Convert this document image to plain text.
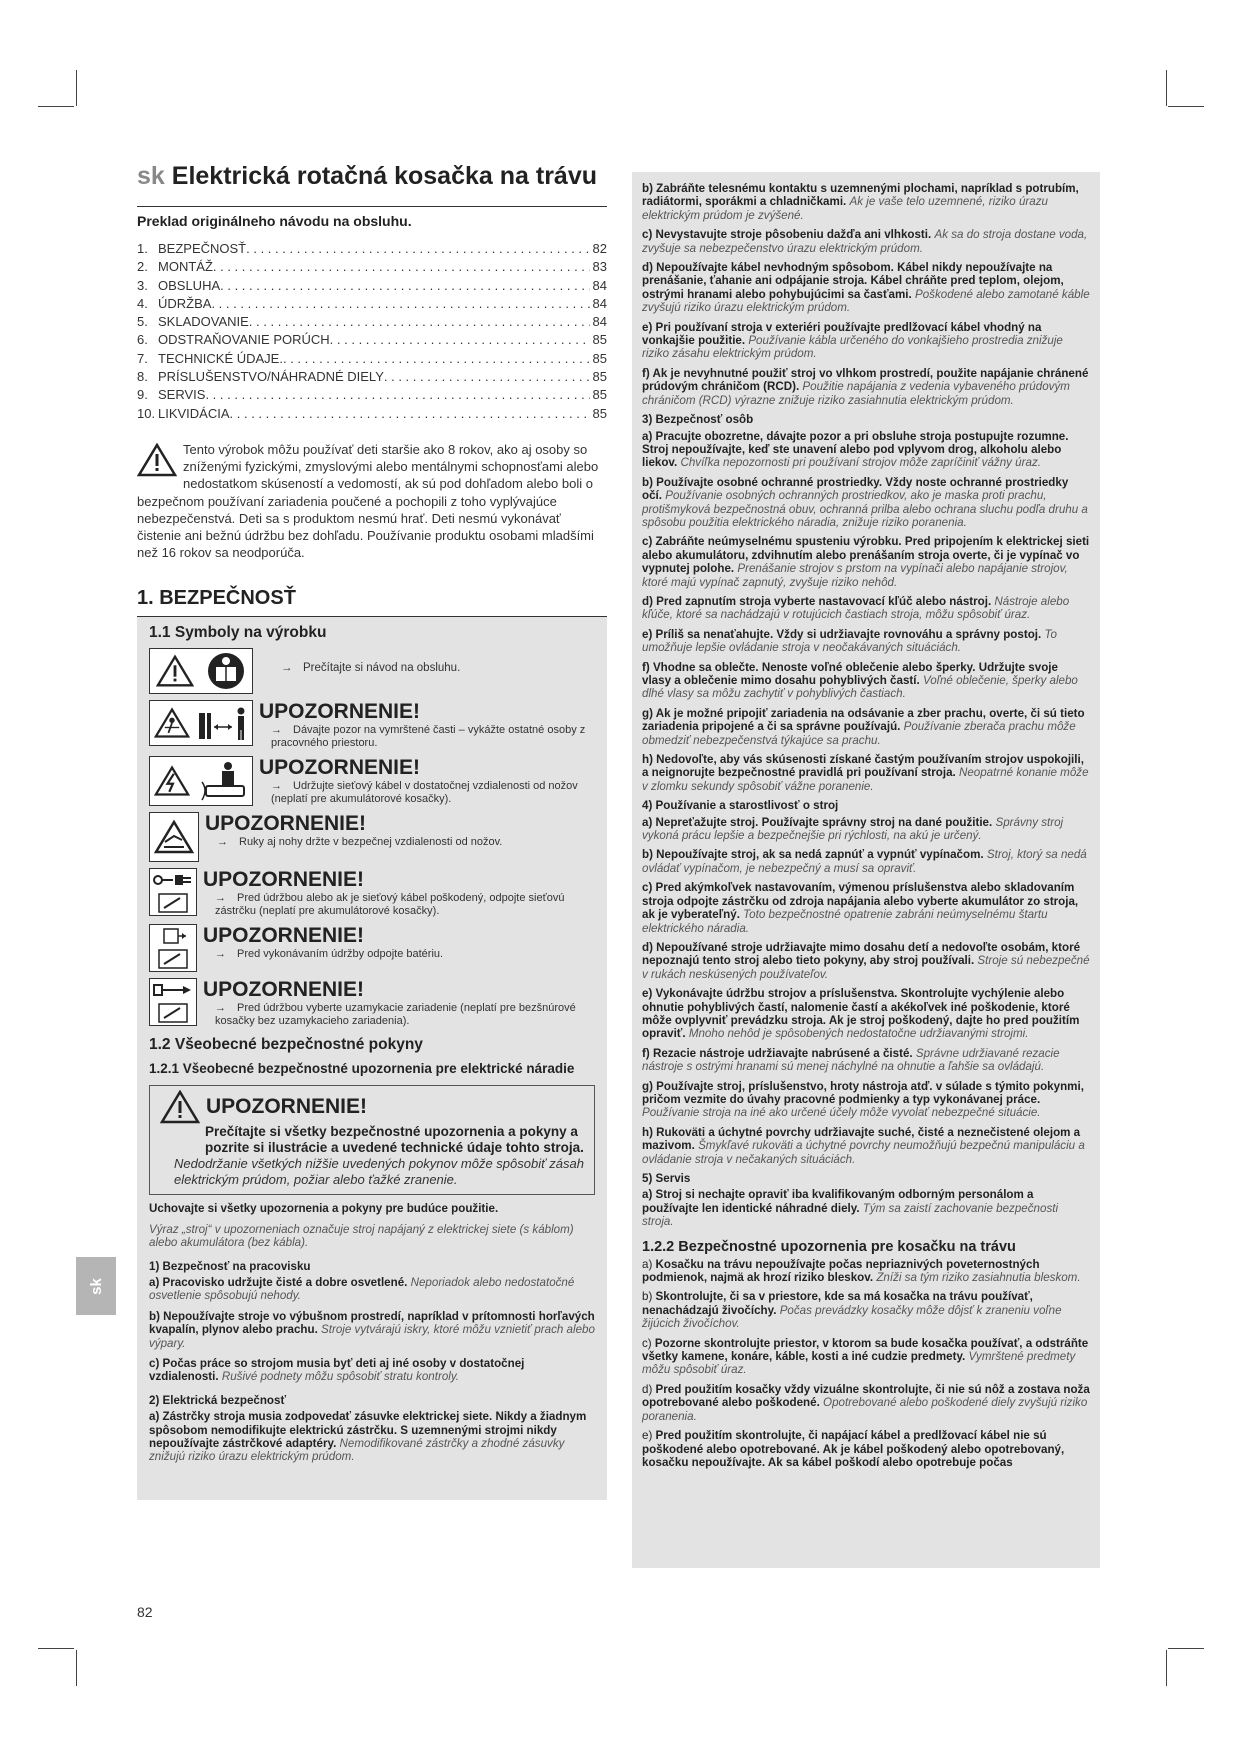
sk Elektrická rotačná kosačka na trávu
Preklad originálneho návodu na obsluhu.
1. BEZPEČNOSŤ . . .	82
2. MONTÁŽ . . .	83
3. OBSLUHA . . .	84
4. ÚDRŽBA . . .	84
5. SKLADOVANIE . . .	84
6. ODSTRAŇOVANIE PORÚCH . . .	85
7. TECHNICKÉ ÚDAJE. . . .	85
8. PRÍSLUŠENSTVO/NÁHRADNÉ DIELY . . .	85
9. SERVIS . . .	85
10. LIKVIDÁCIA . . .	85
Tento výrobok môžu používať deti staršie ako 8 rokov, ako aj osoby so zníženými fyzickými, zmyslovými alebo mentálnymi schopnosťami alebo nedostatkom skúseností a vedomostí, ak sú pod dohľadom alebo boli o bezpečnom používaní zariadenia poučené a pochopili z toho vyplývajúce nebezpečenstvá. Deti sa s produktom nesmú hrať. Deti nesmú vykonávať čistenie ani bežnú údržbu bez dohľadu. Používanie produktu osobami mladšími než 16 rokov sa neodporúča.
1. BEZPEČNOSŤ
1.1 Symboly na výrobku
→ Prečítajte si návod na obsluhu.
UPOZORNENIE!
→ Dávajte pozor na vymrštené časti – vykážte ostatné osoby z pracovného priestoru.
UPOZORNENIE!
→ Udržujte sieťový kábel v dostatočnej vzdialenosti od nožov (neplatí pre akumulátorové kosačky).
UPOZORNENIE!
→ Ruky aj nohy držte v bezpečnej vzdialenosti od nožov.
UPOZORNENIE!
→ Pred údržbou alebo ak je sieťový kábel poškodený, odpojte sieťovú zástrčku (neplatí pre akumulátorové kosačky).
UPOZORNENIE!
→ Pred vykonávaním údržby odpojte batériu.
UPOZORNENIE!
→ Pred údržbou vyberte uzamykacie zariadenie (neplatí pre bezšnúrové kosačky bez uzamykacieho zariadenia).
1.2 Všeobecné bezpečnostné pokyny
1.2.1 Všeobecné bezpečnostné upozornenia pre elektrické náradie
UPOZORNENIE!
Prečítajte si všetky bezpečnostné upozornenia a pokyny a pozrite si ilustrácie a uvedené technické údaje tohto stroja.
Nedodržanie všetkých nižšie uvedených pokynov môže spôsobiť zásah elektrickým prúdom, požiar alebo ťažké zranenie.

Uchovajte si všetky upozornenia a pokyny pre budúce použitie.

Výraz „stroj“ v upozorneniach označuje stroj napájaný z elektrickej siete (s káblom) alebo akumulátora (bez kábla).

1) Bezpečnosť na pracovisku

a) Pracovisko udržujte čisté a dobre osvetlené. Neporiadok alebo nedostatočné osvetlenie spôsobujú nehody.

b) Nepoužívajte stroje vo výbušnom prostredí, napríklad v prítomnosti horľavých kvapalín, plynov alebo prachu. Stroje vytvárajú iskry, ktoré môžu vznietiť prach alebo výpary.

c) Počas práce so strojom musia byť deti aj iné osoby v dostatočnej vzdialenosti. Rušivé podnety môžu spôsobiť stratu kontroly.

2) Elektrická bezpečnosť

a) Zástrčky stroja musia zodpovedať zásuvke elektrickej siete. Nikdy a žiadnym spôsobom nemodifikujte elektrickú zástrčku. S uzemnenými strojmi nikdy nepoužívajte zástrčkové adaptéry. Nemodifikované zástrčky a zhodné zásuvky znižujú riziko úrazu elektrickým prúdom.

b) Zabráňte telesnému kontaktu s uzemnenými plochami, napríklad s potrubím, radiátormi, sporákmi a chladničkami. Ak je vaše telo uzemnené, riziko úrazu elektrickým prúdom je zvýšené.

c) Nevystavujte stroje pôsobeniu dažďa ani vlhkosti. Ak sa do stroja dostane voda, zvyšuje sa nebezpečenstvo úrazu elektrickým prúdom.

d) Nepoužívajte kábel nevhodným spôsobom. Kábel nikdy nepoužívajte na prenášanie, ťahanie ani odpájanie stroja. Kábel chráňte pred teplom, olejom, ostrými hranami alebo pohybujúcimi sa časťami. Poškodené alebo zamotané káble zvyšujú riziko úrazu elektrickým prúdom.

e) Pri používaní stroja v exteriéri používajte predlžovací kábel vhodný na vonkajšie použitie. Používanie kábla určeného do vonkajšieho prostredia znižuje riziko zásahu elektrickým prúdom.

f) Ak je nevyhnutné použiť stroj vo vlhkom prostredí, použite napájanie chránené prúdovým chráničom (RCD). Použitie napájania z vedenia vybaveného prúdovým chráničom (RCD) výrazne znižuje riziko zasiahnutia elektrickým prúdom.

3) Bezpečnosť osôb

a) Pracujte obozretne, dávajte pozor a pri obsluhe stroja postupujte rozumne. Stroj nepoužívajte, keď ste unavení alebo pod vplyvom drog, alkoholu alebo liekov. Chvíľka nepozornosti pri používaní strojov môže zapríčiniť vážny úraz.

b) Používajte osobné ochranné prostriedky. Vždy noste ochranné prostriedky očí. Používanie osobných ochranných prostriedkov, ako je maska proti prachu, protišmyková bezpečnostná obuv, ochranná prilba alebo ochrana sluchu podľa druhu a spôsobu použitia elektrického náradia, znižuje riziko poranenia.

c) Zabráňte neúmyselnému spusteniu výrobku. Pred pripojením k elektrickej sieti alebo akumulátoru, zdvihnutím alebo prenášaním stroja overte, či je vypínač vo vypnutej polohe. Prenášanie strojov s prstom na vypínači alebo napájanie strojov, ktoré majú vypínač zapnutý, zvyšuje riziko nehôd.

d) Pred zapnutím stroja vyberte nastavovací kľúč alebo nástroj. Nástroje alebo kľúče, ktoré sa nachádzajú v rotujúcich častiach stroja, môžu spôsobiť úraz.

e) Príliš sa nenaťahujte. Vždy si udržiavajte rovnováhu a správny postoj. To umožňuje lepšie ovládanie stroja v neočakávaných situáciách.

f) Vhodne sa oblečte. Nenoste voľné oblečenie alebo šperky. Udržujte svoje vlasy a oblečenie mimo dosahu pohyblivých častí. Voľné oblečenie, šperky alebo dlhé vlasy sa môžu zachytiť v pohyblivých častiach.

g) Ak je možné pripojiť zariadenia na odsávanie a zber prachu, overte, či sú tieto zariadenia pripojené a či sa správne používajú. Používanie zberača prachu môže obmedziť nebezpečenstvá týkajúce sa prachu.

h) Nedovoľte, aby vás skúsenosti získané častým používaním strojov uspokojili, a neignorujte bezpečnostné pravidlá pri používaní stroja. Neopatrné konanie môže v zlomku sekundy spôsobiť vážne poranenie.

4) Používanie a starostlivosť o stroj

a) Nepreťažujte stroj. Používajte správny stroj na dané použitie. Správny stroj vykoná prácu lepšie a bezpečnejšie pri rýchlosti, na akú je určený.

b) Nepoužívajte stroj, ak sa nedá zapnúť a vypnúť vypínačom. Stroj, ktorý sa nedá ovládať vypínačom, je nebezpečný a musí sa opraviť.

c) Pred akýmkoľvek nastavovaním, výmenou príslušenstva alebo skladovaním stroja odpojte zástrčku od zdroja napájania alebo vyberte akumulátor zo stroja, ak je vyberateľný. Toto bezpečnostné opatrenie zabráni neúmyselnému štartu elektrického náradia.

d) Nepoužívané stroje udržiavajte mimo dosahu detí a nedovoľte osobám, ktoré nepoznajú tento stroj alebo tieto pokyny, aby stroj používali. Stroje sú nebezpečné v rukách neskúsených používateľov.

e) Vykonávajte údržbu strojov a príslušenstva. Skontrolujte vychýlenie alebo ohnutie pohyblivých častí, nalomenie častí a akékoľvek iné poškodenie, ktoré môže ovplyvniť prevádzku stroja. Ak je stroj poškodený, dajte ho pred použitím opraviť. Mnoho nehôd je spôsobených nedostatočne udržiavanými strojmi.

f) Rezacie nástroje udržiavajte nabrúsené a čisté. Správne udržiavané rezacie nástroje s ostrými hranami sú menej náchylné na ohnutie a ľahšie sa ovládajú.

g) Používajte stroj, príslušenstvo, hroty nástroja atď. v súlade s týmito pokynmi, pričom vezmite do úvahy pracovné podmienky a typ vykonávanej práce. Používanie stroja na iné ako určené účely môže vyvolať nebezpečné situácie.

h) Rukoväti a úchytné povrchy udržiavajte suché, čisté a neznečistené olejom a mazivom. Šmykľavé rukoväti a úchytné povrchy neumožňujú bezpečnú manipuláciu a ovládanie stroja v nečakaných situáciách.

5) Servis

a) Stroj si nechajte opraviť iba kvalifikovaným odborným personálom a používajte len identické náhradné diely. Tým sa zaistí zachovanie bezpečnosti stroja.

1.2.2 Bezpečnostné upozornenia pre kosačku na trávu

a) Kosačku na trávu nepoužívajte počas nepriaznivých poveternostných podmienok, najmä ak hrozí riziko bleskov. Zníži sa tým riziko zasiahnutia bleskom.

b) Skontrolujte, či sa v priestore, kde sa má kosačka na trávu používať, nenachádzajú živočíchy. Počas prevádzky kosačky môže dôjsť k zraneniu voľne žijúcich živočíchov.

c) Pozorne skontrolujte priestor, v ktorom sa bude kosačka používať, a odstráňte všetky kamene, konáre, káble, kosti a iné cudzie predmety. Vymrštené predmety môžu spôsobiť úraz.

d) Pred použitím kosačky vždy vizuálne skontrolujte, či nie sú nôž a zostava noža opotrebované alebo poškodené. Opotrebované alebo poškodené diely zvyšujú riziko poranenia.

e) Pred použitím skontrolujte, či napájací kábel a predlžovací kábel nie sú poškodené alebo opotrebované. Ak je kábel poškodený alebo opotrebovaný, kosačku nepoužívajte. Ak sa kábel poškodí alebo opotrebuje počas

sk
82
